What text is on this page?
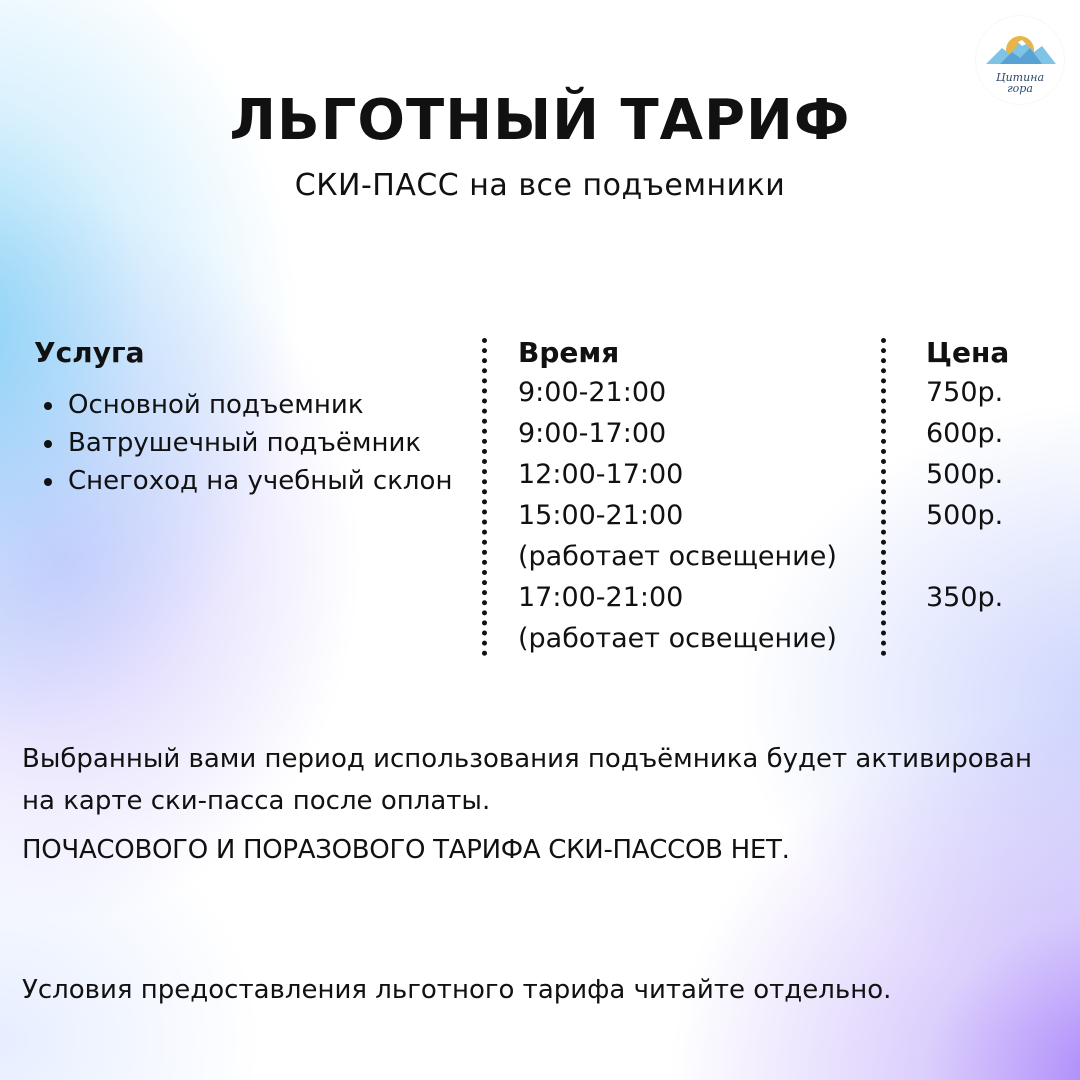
Цитина
гора
ЛЬГОТНЫЙ ТАРИФ
СКИ-ПАСС на все подъемники
Услуга	Время	Цена
Основной подъемник
Ватрушечный подъёмник
Снегоход на учебный склон
9:00-21:00
9:00-17:00
12:00-17:00
15:00-21:00
(работает освещение)
17:00-21:00
(работает освещение)
750р.
600р.
500р.
500р.
350р.
Выбранный вами период использования подъёмника будет активирован на карте ски-пасса после оплаты.
ПОЧАСОВОГО И ПОРАЗОВОГО ТАРИФА СКИ-ПАССОВ НЕТ.
Условия предоставления льготного тарифа читайте отдельно.
